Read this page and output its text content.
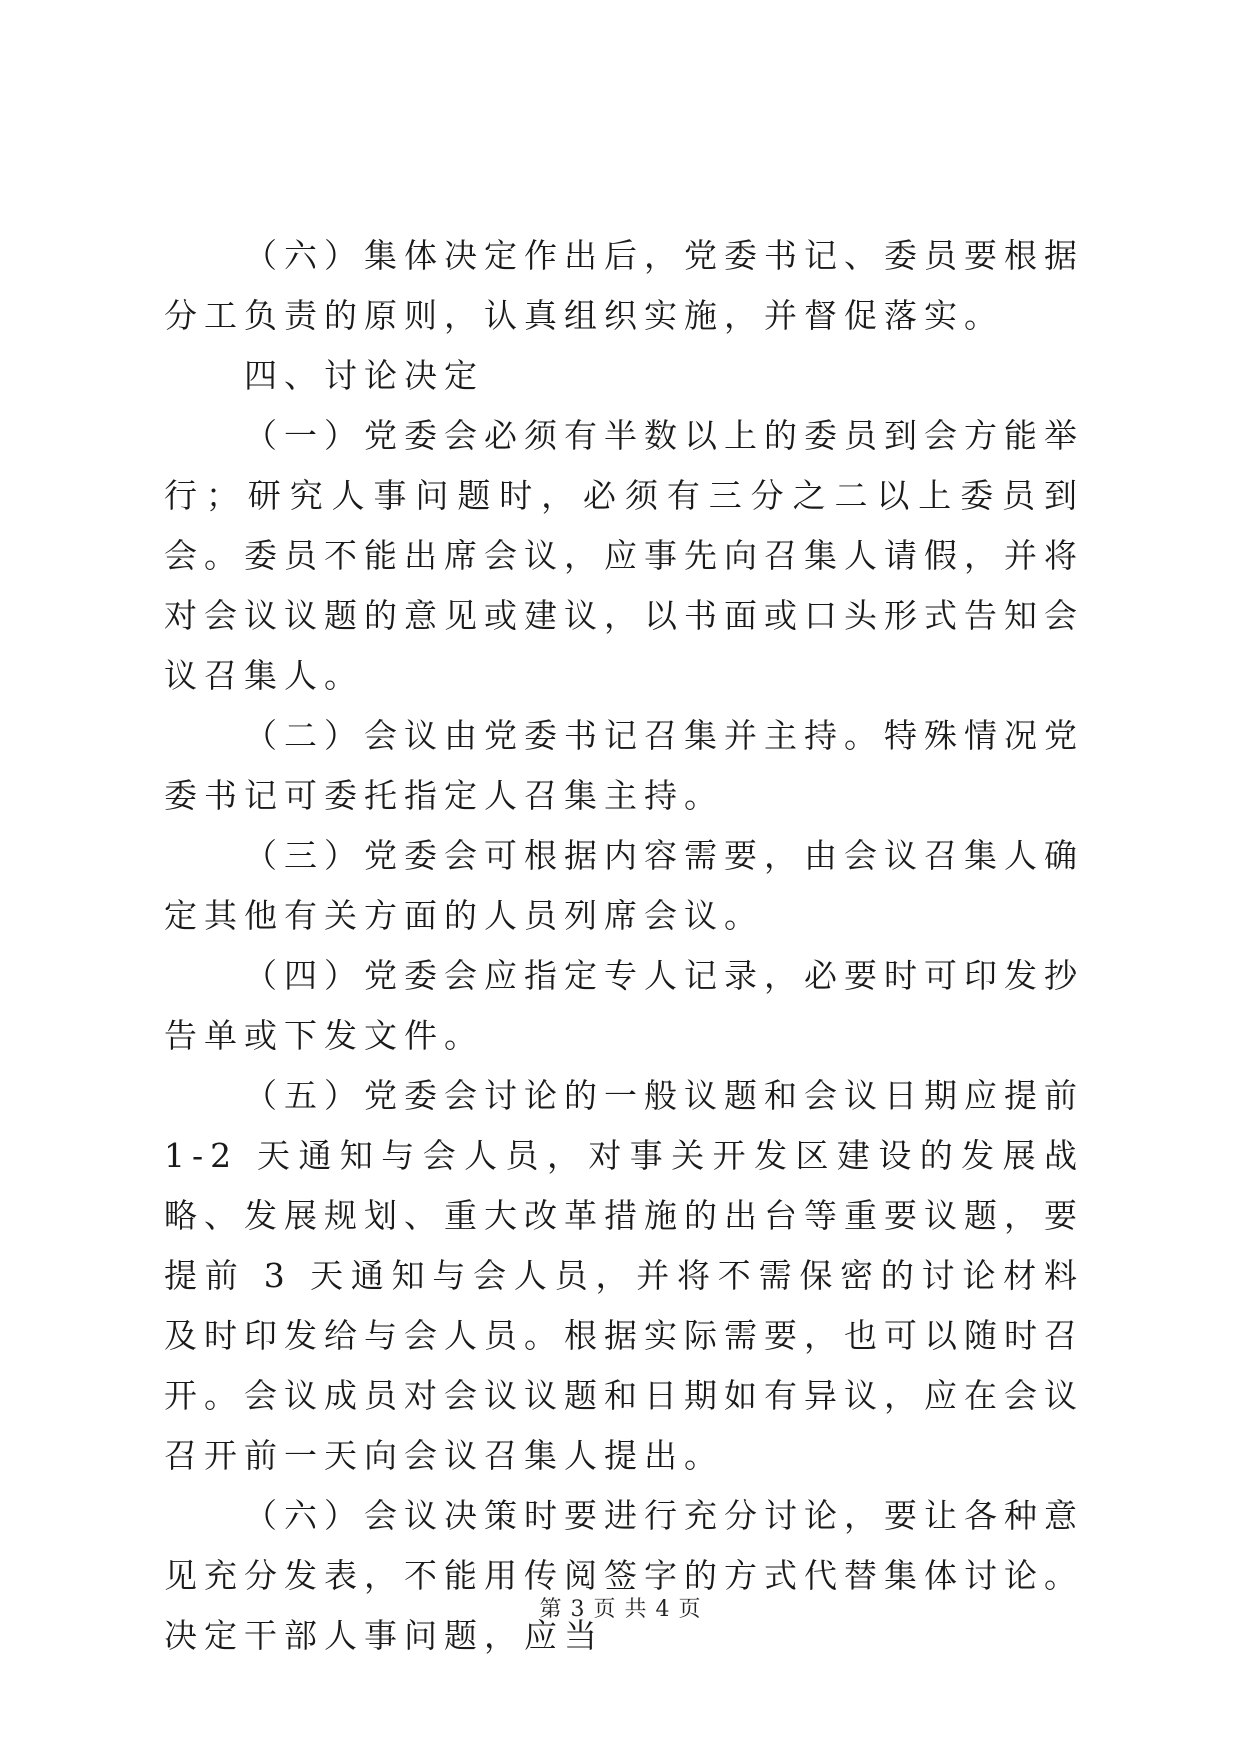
（六）集体决定作出后，党委书记、委员要根据分工负责的原则，认真组织实施，并督促落实。

四、讨论决定

（一）党委会必须有半数以上的委员到会方能举行；研究人事问题时，必须有三分之二以上委员到会。委员不能出席会议，应事先向召集人请假，并将对会议议题的意见或建议，以书面或口头形式告知会议召集人。

（二）会议由党委书记召集并主持。特殊情况党委书记可委托指定人召集主持。

（三）党委会可根据内容需要，由会议召集人确定其他有关方面的人员列席会议。

（四）党委会应指定专人记录，必要时可印发抄告单或下发文件。

（五）党委会讨论的一般议题和会议日期应提前 1-2 天通知与会人员，对事关开发区建设的发展战略、发展规划、重大改革措施的出台等重要议题，要提前 3 天通知与会人员，并将不需保密的讨论材料及时印发给与会人员。根据实际需要，也可以随时召开。会议成员对会议议题和日期如有异议，应在会议召开前一天向会议召集人提出。

（六）会议决策时要进行充分讨论，要让各种意见充分发表，不能用传阅签字的方式代替集体讨论。决定干部人事问题，应当

第 3 页 共 4 页
